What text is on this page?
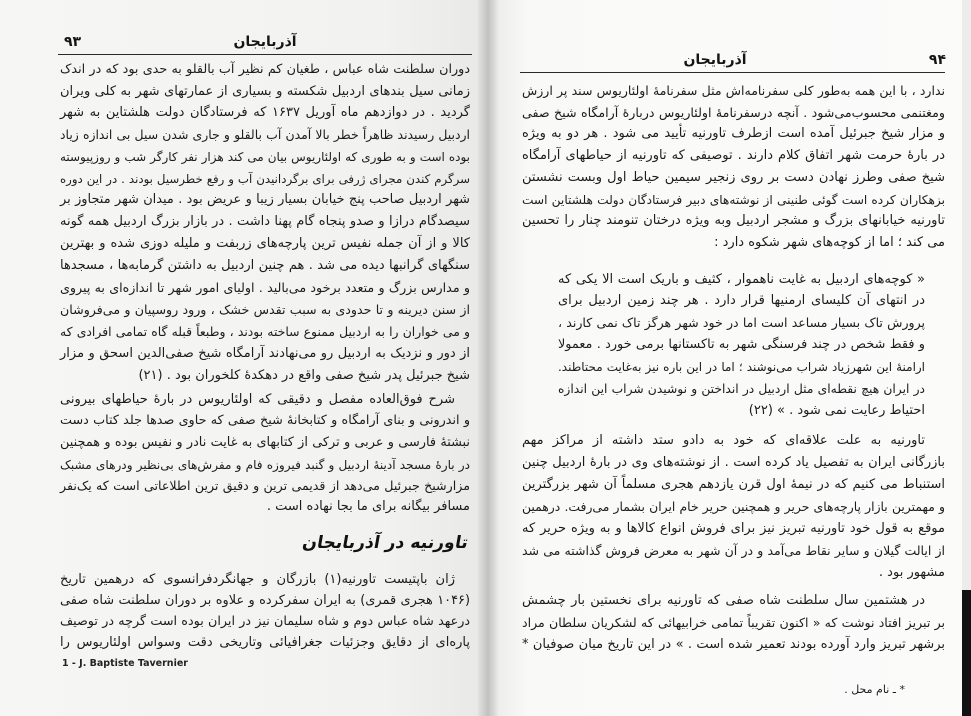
۹۳	آذربایجان
دوران سلطنت شاه عباس ، طغیان کم نظیر آب بالقلو به حدی بود که در اندک
زمانی سیل بندهای اردبیل شکسته و بسیاری از عمارتهای شهر به کلی ویران
گردید . در دوازدهم ماه آوریل ۱۶۳۷ که فرستادگان دولت هلشتاین به شهر
اردبیل رسیدند ظاهراً خطر بالا آمدن آب بالقلو و جاری شدن سیل بی اندازه زیاد
بوده است و به طوری که اولئاریوس بیان می کند هزار نفر کارگر شب و روزپیوسته
سرگرم کندن مجرای ژرفی برای برگردانیدن آب و رفع خطرسیل بودند . در این دوره
شهر اردبیل صاحب پنج خیابان بسیار زیبا و عریض بود . میدان شهر متجاوز بر
سیصدگام درازا و صدو پنجاه گام پهنا داشت . در بازار بزرگ اردبیل همه گونه
کالا و از آن جمله نفیس ترین پارچه‌های زربفت و ملیله دوزی شده و بهترین
سنگهای گرانبها دیده می شد . هم چنین اردبیل به داشتن گرمابه‌ها ، مسجدها
و مدارس بزرگ و متعدد برخود می‌بالید . اولیای امور شهر تا اندازه‌ای به پیروی
از سنن دیرینه و تا حدودی به سبب تقدس خشک ، ورود روسپیان و می‌فروشان
و می خواران را به اردبیل ممنوع ساخته بودند ، وطبعاً قبله گاه تمامی افرادی که
از دور و نزدیک به اردبیل رو می‌نهادند آرامگاه شیخ صفی‌الدین اسحق و مزار
شیخ جبرئیل پدر شیخ صفی واقع در دهکدهٔ کلخوران بود . (۲۱)
شرح فوق‌العاده مفصل و دقیقی که اولئاریوس در بارهٔ حیاطهای بیرونی
و اندرونی و بنای آرامگاه و کتابخانهٔ شیخ صفی که حاوی صدها جلد کتاب دست
نبشتهٔ فارسی و عربی و ترکی از کتابهای به غایت نادر و نفیس بوده و همچنین
در بارهٔ مسجد آدینهٔ اردبیل و گنبد فیروزه فام و مفرش‌های بی‌نظیر ودرهای مشبک
مزارشیخ جبرئیل می‌دهد از قدیمی ترین و دقیق ترین اطلاعاتی است که یک‌نفر
مسافر بیگانه برای ما بجا نهاده است .
تاورنیه در آذربایجان
ژان باپتیست تاورنیه(۱) بازرگان و جهانگردفرانسوی که درهمین تاریخ
(۱۰۴۶ هجری قمری) به ایران سفرکرده و علاوه بر دوران سلطنت شاه صفی
درعهد شاه عباس دوم و شاه سلیمان نیز در ایران بوده است گرچه در توصیف
پاره‌ای از دقایق وجزئیات جغرافیائی وتاریخی دقت وسواس اولئاریوس را
1 - J. Baptiste Tavernier
آذربایجان	۹۴
ندارد ، با این همه به‌طور کلی سفرنامه‌اش مثل سفرنامهٔ اولئاریوس سند پر ارزش
ومغتنمی محسوب‌می‌شود . آنچه درسفرنامهٔ اولئاریوس دربارهٔ آرامگاه شیخ صفی
و مزار شیخ جبرئیل آمده است ازطرف تاورنیه تأیید می شود . هر دو به ویژه
در بارهٔ حرمت شهر اتفاق کلام دارند . توصیفی که تاورنیه از حیاطهای آرامگاه
شیخ صفی وطرز نهادن دست بر روی زنجیر سیمین حیاط اول وبست نشستن
بزهکاران کرده است گوئی طنینی از نوشته‌های دبیر فرستادگان دولت هلشتاین است
تاورنیه خیابانهای بزرگ و مشجر اردبیل وبه ویژه درختان تنومند چنار را تحسین
می کند ؛ اما از کوچه‌های شهر شکوه دارد :
« کوچه‌های اردبیل به غایت ناهموار ، کثیف و باریک است الا یکی که
در انتهای آن کلیسای ارمنیها قرار دارد . هر چند زمین اردبیل برای
پرورش تاک بسیار مساعد است اما در خود شهر هرگز تاک نمی کارند ،
و فقط شخص در چند فرسنگی شهر به تاکستانها برمی خورد . معمولا
ارامنهٔ این شهرزیاد شراب می‌نوشند ؛ اما در این باره نیز به‌غایت محتاطند.
در ایران هیچ نقطه‌ای مثل اردبیل در انداختن و نوشیدن شراب این اندازه
احتیاط رعایت نمی شود . » (۲۲)
تاورنیه به علت علاقه‌ای که خود به دادو ستد داشته از مراکز مهم
بازرگانی ایران به تفصیل یاد کرده است . از نوشته‌های وی در بارهٔ اردبیل چنین
استنباط می کنیم که در نیمهٔ اول قرن یازدهم هجری مسلماً آن شهر بزرگترین
و مهمترین بازار پارچه‌های حریر و همچنین حریر خام ایران بشمار می‌رفت. درهمین
موقع به قول خود تاورنیه تبریز نیز برای فروش انواع کالاها و به ویژه حریر که
از ایالت گیلان و سایر نقاط می‌آمد و در آن شهر به معرض فروش گذاشته می شد
مشهور بود .
در هشتمین سال سلطنت شاه صفی که تاورنیه برای نخستین بار چشمش
بر تبریز افتاد نوشت که « اکنون تقریباً تمامی خرابیهائی که لشکریان سلطان مراد
برشهر تبریز وارد آورده بودند تعمیر شده است . » در این تاریخ میان صوفیان *
* ـ نام محل .
